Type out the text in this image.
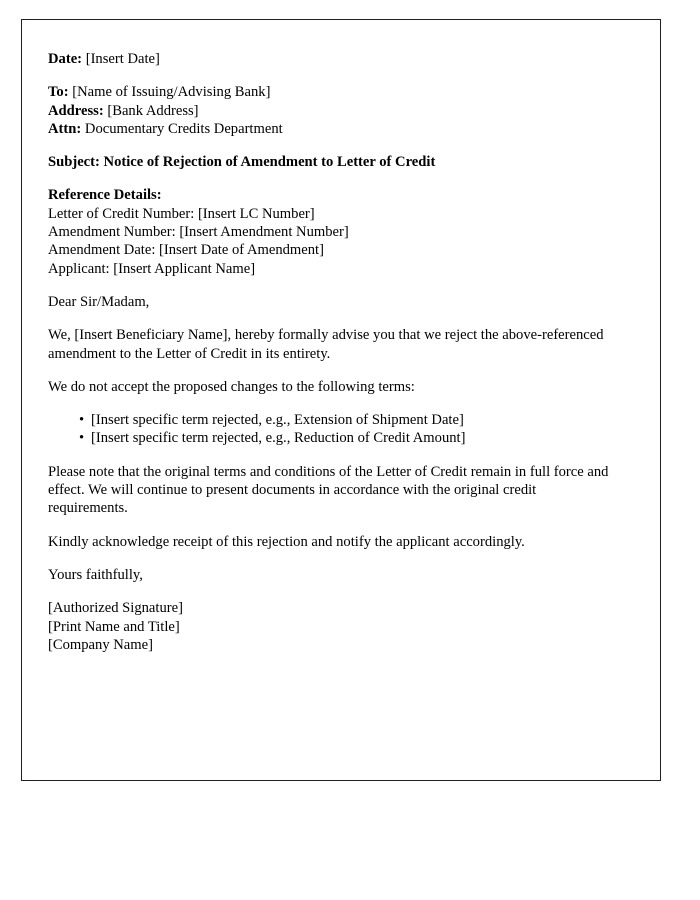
Date: [Insert Date]
To: [Name of Issuing/Advising Bank]
Address: [Bank Address]
Attn: Documentary Credits Department
Subject: Notice of Rejection of Amendment to Letter of Credit
Reference Details:
Letter of Credit Number: [Insert LC Number]
Amendment Number: [Insert Amendment Number]
Amendment Date: [Insert Date of Amendment]
Applicant: [Insert Applicant Name]
Dear Sir/Madam,
We, [Insert Beneficiary Name], hereby formally advise you that we reject the above-referenced amendment to the Letter of Credit in its entirety.
We do not accept the proposed changes to the following terms:
• [Insert specific term rejected, e.g., Extension of Shipment Date]
• [Insert specific term rejected, e.g., Reduction of Credit Amount]
Please note that the original terms and conditions of the Letter of Credit remain in full force and effect. We will continue to present documents in accordance with the original credit requirements.
Kindly acknowledge receipt of this rejection and notify the applicant accordingly.
Yours faithfully,
[Authorized Signature]
[Print Name and Title]
[Company Name]
